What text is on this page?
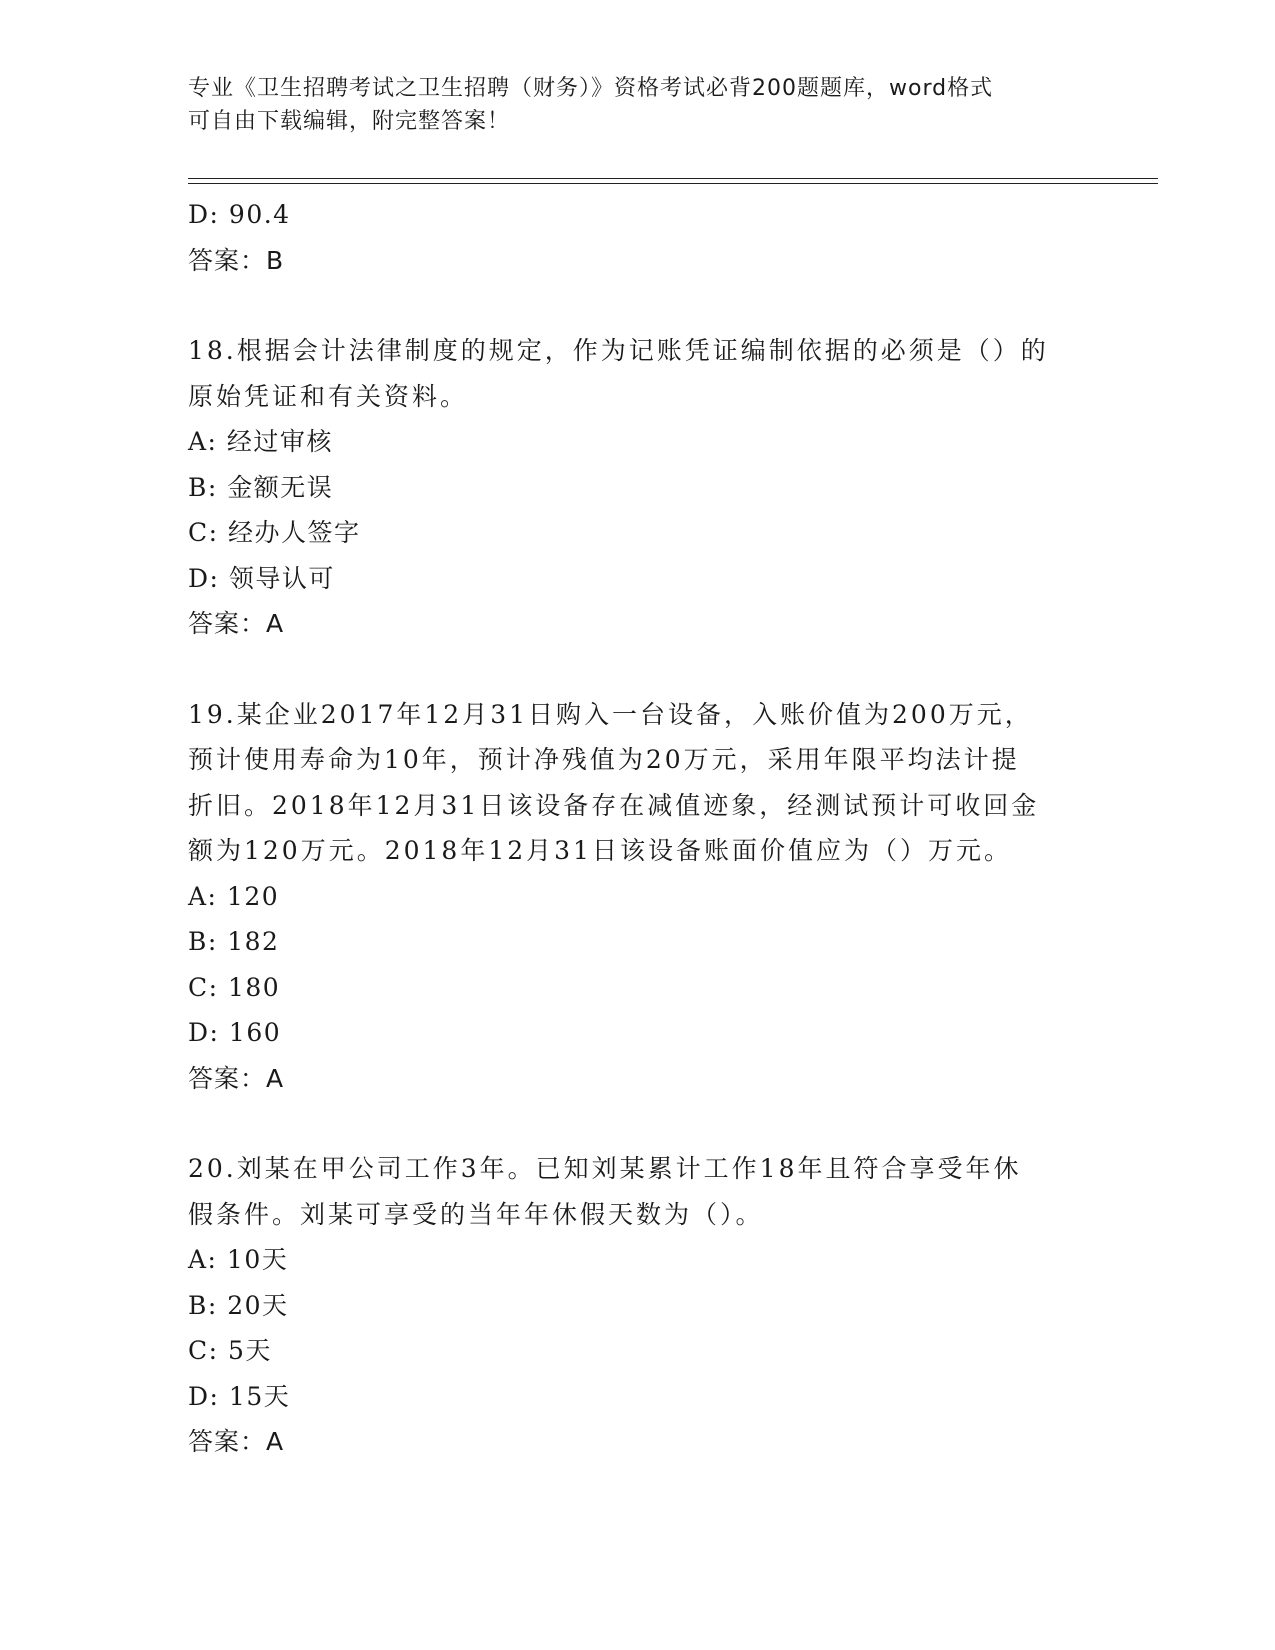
专业《卫生招聘考试之卫生招聘（财务）》资格考试必背200题题库，word格式
可自由下载编辑，附完整答案！
D: 90.4
答案：B
18.根据会计法律制度的规定，作为记账凭证编制依据的必须是（）的
原始凭证和有关资料。
A: 经过审核
B: 金额无误
C: 经办人签字
D: 领导认可
答案：A
19.某企业2017年12月31日购入一台设备，入账价值为200万元，
预计使用寿命为10年，预计净残值为20万元，采用年限平均法计提
折旧。2018年12月31日该设备存在减值迹象，经测试预计可收回金
额为120万元。2018年12月31日该设备账面价值应为（）万元。
A: 120
B: 182
C: 180
D: 160
答案：A
20.刘某在甲公司工作3年。已知刘某累计工作18年且符合享受年休
假条件。刘某可享受的当年年休假天数为（）。
A: 10天
B: 20天
C: 5天
D: 15天
答案：A
